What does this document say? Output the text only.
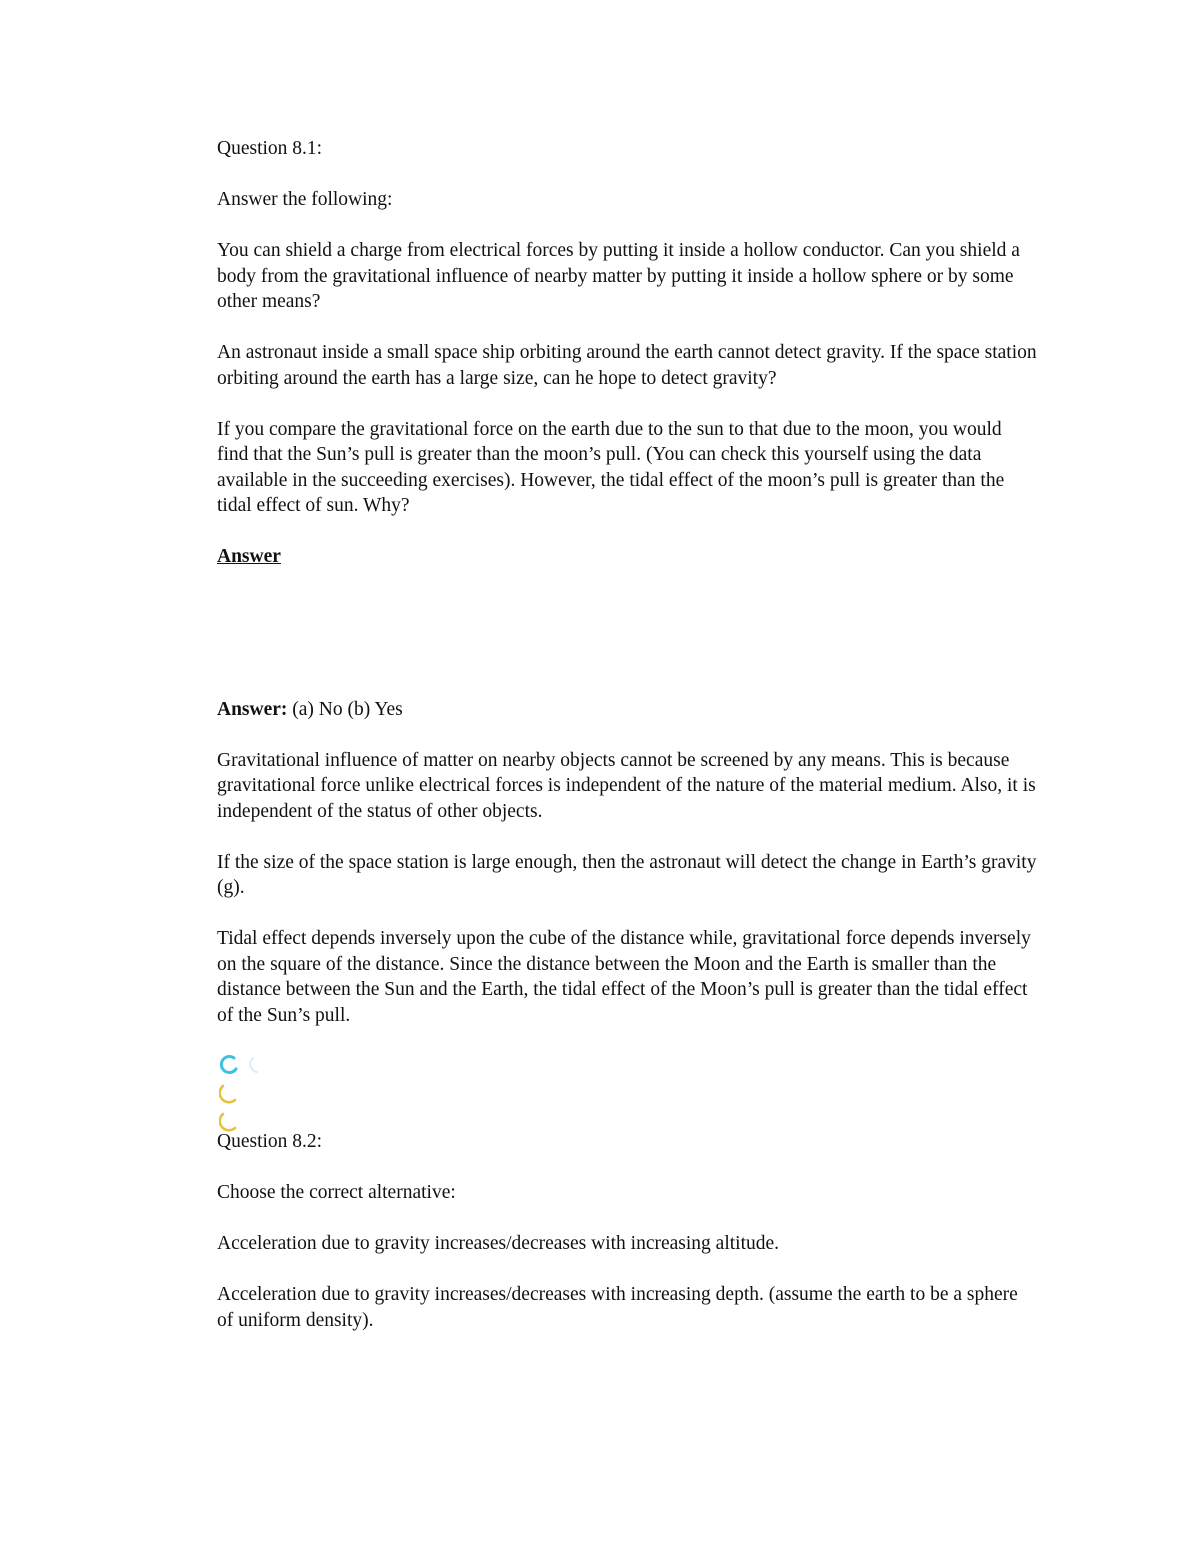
Question 8.1:

Answer the following:

You can shield a charge from electrical forces by putting it inside a hollow conductor. Can you shield a body from the gravitational influence of nearby matter by putting it inside a hollow sphere or by some other means?

An astronaut inside a small space ship orbiting around the earth cannot detect gravity. If the space station orbiting around the earth has a large size, can he hope to detect gravity?

If you compare the gravitational force on the earth due to the sun to that due to the moon, you would find that the Sun’s pull is greater than the moon’s pull. (You can check this yourself using the data available in the succeeding exercises). However, the tidal effect of the moon’s pull is greater than the tidal effect of sun. Why?

Answer

Answer: (a) No (b) Yes

Gravitational influence of matter on nearby objects cannot be screened by any means. This is because gravitational force unlike electrical forces is independent of the nature of the material medium. Also, it is independent of the status of other objects.

If the size of the space station is large enough, then the astronaut will detect the change in Earth’s gravity (g).

Tidal effect depends inversely upon the cube of the distance while, gravitational force depends inversely on the square of the distance. Since the distance between the Moon and the Earth is smaller than the distance between the Sun and the Earth, the tidal effect of the Moon’s pull is greater than the tidal effect of the Sun’s pull.

Question 8.2:

Choose the correct alternative:

Acceleration due to gravity increases/decreases with increasing altitude.

Acceleration due to gravity increases/decreases with increasing depth. (assume the earth to be a sphere of uniform density).
